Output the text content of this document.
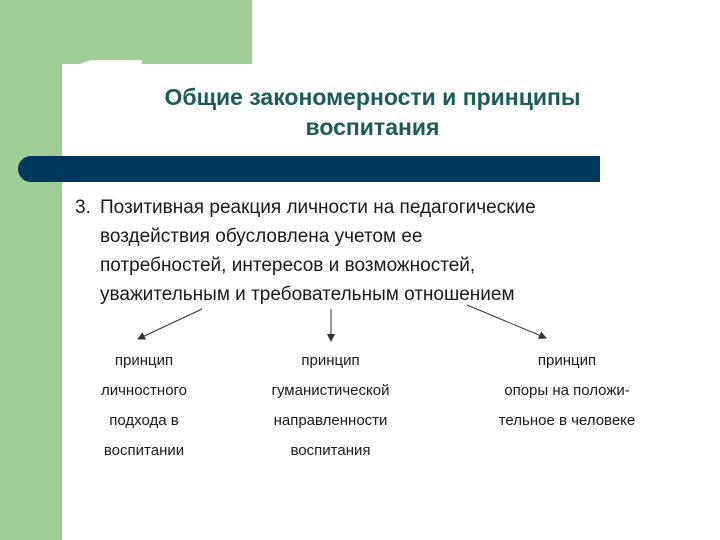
Общие закономерности и принципы
воспитания
3. Позитивная реакция личности на педагогические
воздействия обусловлена учетом ее
потребностей, интересов и возможностей,
уважительным и требовательным отношением
принцип
личностного
подхода в
воспитании
принцип
гуманистической
направленности
воспитания
принцип
опоры на положи-
тельное в человеке
